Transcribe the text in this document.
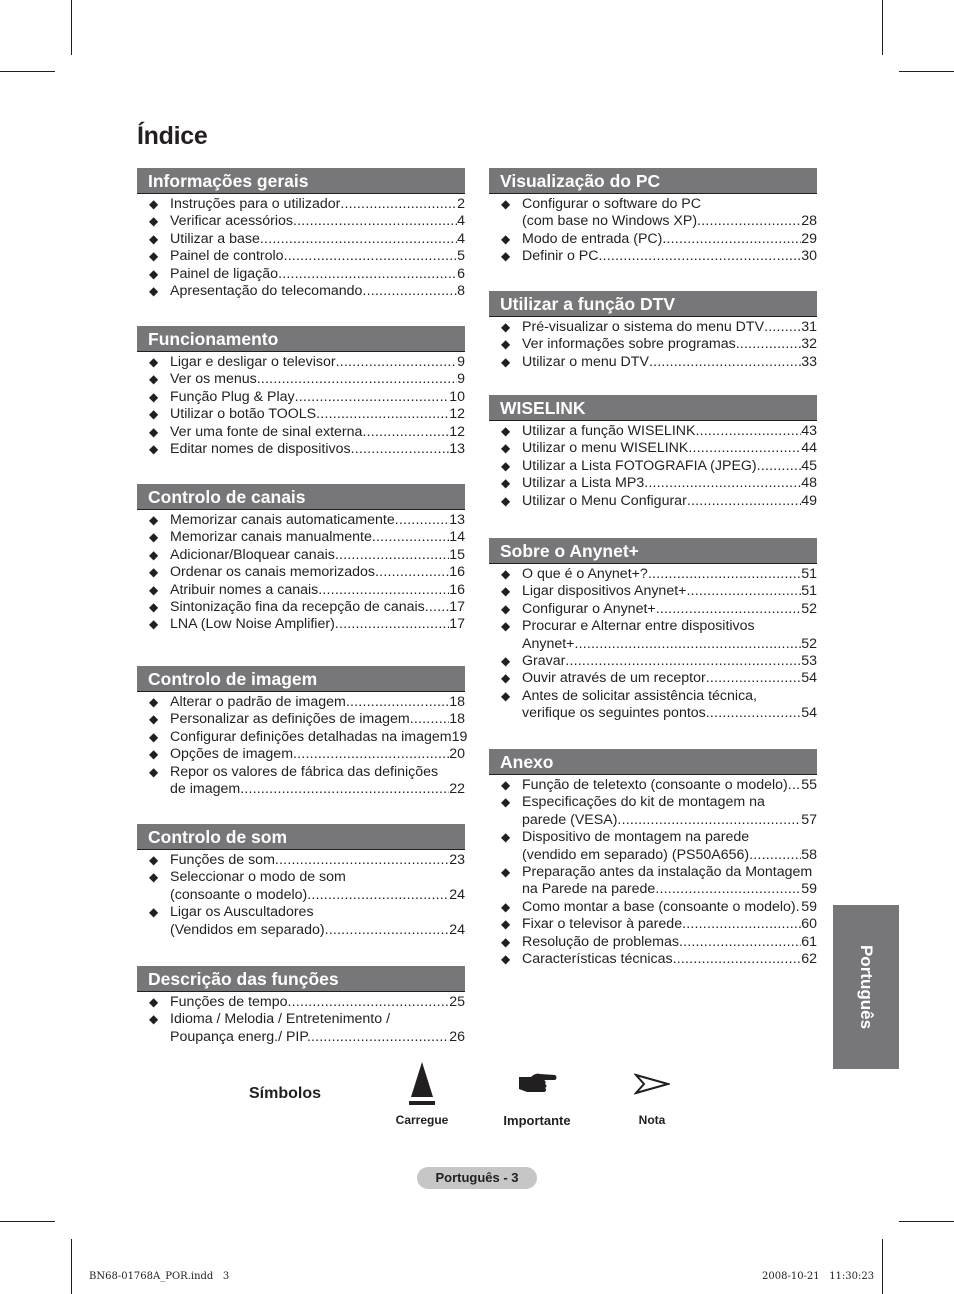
Índice
Informações gerais
◆ Instruções para o utilizador .....	2
◆ Verificar acessórios .....	4
◆ Utilizar a base .....	4
◆ Painel de controlo .....	5
◆ Painel de ligação .....	6
◆ Apresentação do telecomando .....	8
Funcionamento
◆ Ligar e desligar o televisor .....	9
◆ Ver os menus .....	9
◆ Função Plug & Play .....	10
◆ Utilizar o botão TOOLS .....	12
◆ Ver uma fonte de sinal externa .....	12
◆ Editar nomes de dispositivos .....	13
Controlo de canais
◆ Memorizar canais automaticamente .....	13
◆ Memorizar canais manualmente .....	14
◆ Adicionar/Bloquear canais .....	15
◆ Ordenar os canais memorizados .....	16
◆ Atribuir nomes a canais .....	16
◆ Sintonização fina da recepção de canais ..... 17
◆ LNA (Low Noise Amplifier) .....	17
Controlo de imagem
◆ Alterar o padrão de imagem .....	18
◆ Personalizar as definições de imagem .....	18
◆ Configurar definições detalhadas na imagem 19
◆ Opções de imagem .....	20
◆ Repor os valores de fábrica das definições
de imagem .....	22
Controlo de som
◆ Funções de som .....	23
◆ Seleccionar o modo de som
(consoante o modelo) .....	24
◆ Ligar os Auscultadores
(Vendidos em separado) .....	24
Descrição das funções
◆ Funções de tempo .....	25
◆ Idioma / Melodia / Entretenimento /
Poupança energ./ PIP. .....	26
Visualização do PC
◆ Configurar o software do PC
(com base no Windows XP) .....	28
◆ Modo de entrada (PC) .....	29
◆ Definir o PC .....	30
Utilizar a função DTV
◆ Pré-visualizar o sistema do menu DTV .....	31
◆ Ver informações sobre programas .....	32
◆ Utilizar o menu DTV .....	33
WISELINK
◆ Utilizar a função WISELINK .....	43
◆ Utilizar o menu WISELINK .....	44
◆ Utilizar a Lista FOTOGRAFIA (JPEG) .....	45
◆ Utilizar a Lista MP3 .....	48
◆ Utilizar o Menu Configurar .....	49
Sobre o Anynet+
◆ O que é o Anynet+? .....	51
◆ Ligar dispositivos Anynet+ .....	51
◆ Configurar o Anynet+ .....	52
◆ Procurar e Alternar entre dispositivos
Anynet+ .....	52
◆ Gravar .....	53
◆ Ouvir através de um receptor .....	54
◆ Antes de solicitar assistência técnica,
verifique os seguintes pontos .....	54
Anexo
◆ Função de teletexto (consoante o modelo) ..... 55
◆ Especificações do kit de montagem na
parede (VESA) .....	57
◆ Dispositivo de montagem na parede
(vendido em separado) (PS50A656) .....	58
◆ Preparação antes da instalação da Montagem
na Parede na parede .....	59
◆ Como montar a base (consoante o modelo) ..... 59
◆ Fixar o televisor à parede .....	60
◆ Resolução de problemas .....	61
◆ Características técnicas .....	62 Português
Símbolos
Carregue	Importante	Nota
Português - 3
BN68-01768A_POR.indd   3	2008-10-21   11:30:23
